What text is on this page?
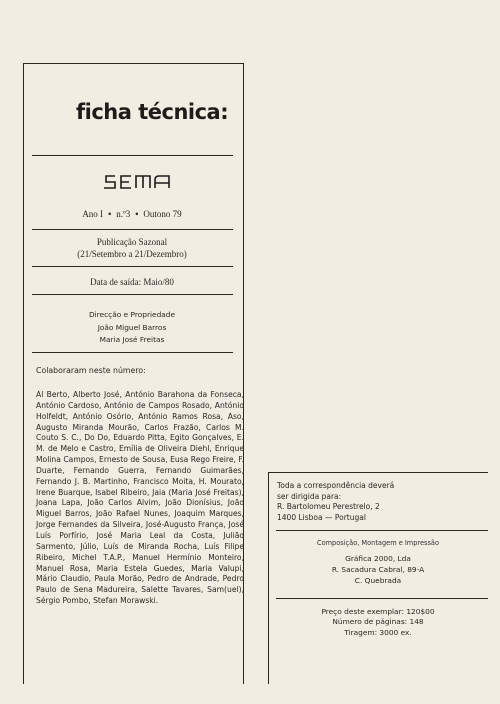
ficha técnica:
Ano I • n.º3 • Outono 79
Publicação Sazonal
(21/Setembro a 21/Dezembro)
Data de saída: Maio/80
Direcção e Propriedade
João Miguel Barros
Maria José Freitas
Colaboraram neste número:
Al Berto, Alberto José, António Barahona da Fonseca, António Cardoso, António de Campos Rosado, António Holfeldt, António Osório, António Ramos Rosa, Aso, Augusto Miranda Mourão, Carlos Frazão, Carlos M. Couto S. C., Do Do, Eduardo Pitta, Egito Gonçalves, E. M. de Melo e Castro, Emília de Oliveira Diehl, Enrique Molina Campos, Ernesto de Sousa, Eusa Rego Freire, F. Duarte, Fernando Guerra, Fernando Guimarães, Fernando J. B. Martinho, Francisco Moita, H. Mourato, Irene Buarque, Isabel Ribeiro, Jaia (Maria José Freitas), Joana Lapa, João Carlos Alvim, João Dionísius, João Miguel Barros, João Rafael Nunes, Joaquim Marques, Jorge Fernandes da Silveira, José-Augusto França, José Luís Porfírio, José Maria Leal da Costa, Julião Sarmento, Júlio, Luís de Miranda Rocha, Luís Filipe Ribeiro, Michel T.A.P., Manuel Hermínio Monteiro, Manuel Rosa, Maria Estela Guedes, Maria Valupi, Mário Claudio, Paula Morão, Pedro de Andrade, Pedro Paulo de Sena Madureira, Salette Tavares, Sam(uel), Sérgio Pombo, Stefan Morawski.
Toda a correspondência deverá
ser dirigida para:
R. Bartolomeu Perestrelo, 2
1400 Lisboa — Portugal
Composição, Montagem e Impressão
Gráfica 2000, Lda
R. Sacadura Cabral, 89-A
C. Quebrada
Preço deste exemplar: 120$00
Número de páginas: 148
Tiragem: 3000 ex.
